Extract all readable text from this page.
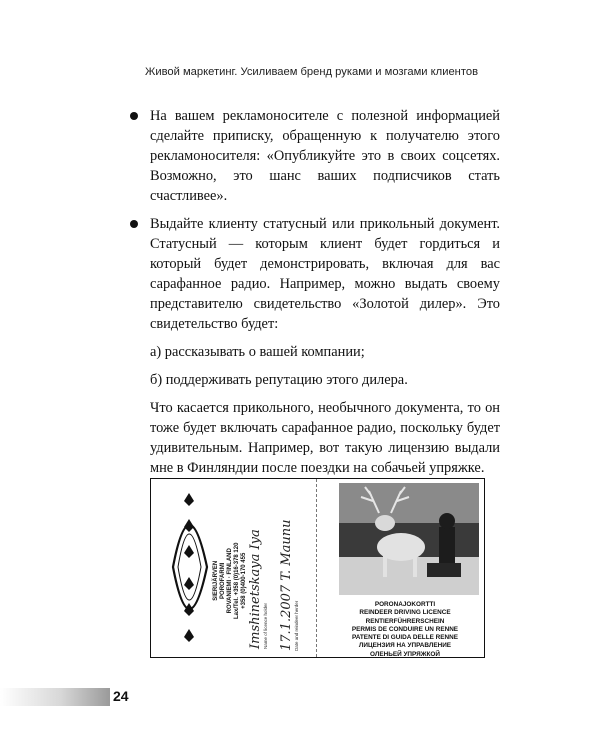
Живой маркетинг. Усиливаем бренд руками и мозгами клиентов
На вашем рекламоносителе с полезной информацией сделайте приписку, обращенную к получателю этого рекламоносителя: «Опубликуйте это в своих соцсетях. Возможно, это шанс ваших подписчиков стать счастливее».
Выдайте клиенту статусный или прикольный документ. Статусный — которым клиент будет гордиться и который будет демонстрировать, включая для вас сарафанное радио. Например, можно выдать своему представителю свидетельство «Золотой дилер». Это свидетельство будет:
а) рассказывать о вашей компании;
б) поддерживать репутацию этого дилера.
Что касается прикольного, необычного документа, то он тоже будет включать сарафанное радио, поскольку будет удивительным. Например, вот такую лицензию выдали мне в Финляндии после поездки на собачьей упряжке.
SIERIJÄRVEN POROFARMI ROVANIEMI · FINLAND Lax/Tel. +358 (0)16-378 120 +358 (0)400-170 455 Imshinetskaya Iya Name of licence holder 17.1.2007 T. Maunu Date and reindeer herder	PORONAJOKORTTI
REINDEER DRIVING LICENCE
RENTIERFÜHRERSCHEIN
PERMIS DE CONDUIRE UN RENNE
PATENTE DI GUIDA DELLE RENNE
ЛИЦЕНЗИЯ НА УПРАВЛЕНИЕ
ОЛЕНЬЕЙ УПРЯЖКОЙ
24
